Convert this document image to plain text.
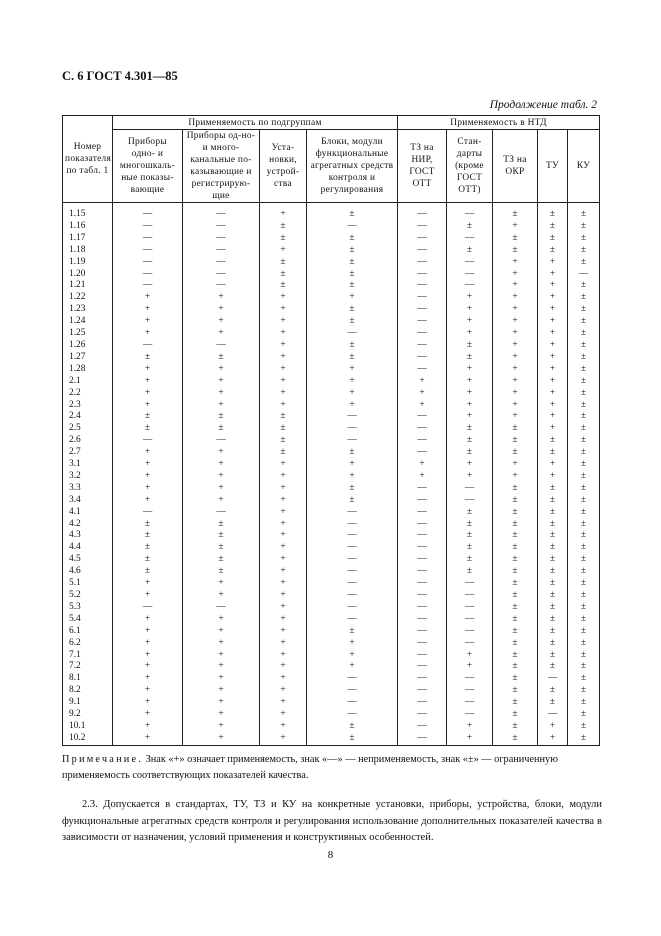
С. 6 ГОСТ 4.301—85
Продолжение табл. 2
Номер показателя по табл. 1	Применяемость по подгруппам				Применяемость в НТД				
	Приборы одно- и многошкаль-ные показы-вающие	Приборы од-но- и много-канальные по-казывающие и регистрирую-щие	Уста-новки, устрой-ства	Блоки, модули функциональные агрегатных средств контроля и регулирования	ТЗ на НИР, ГОСТ ОТТ	Стан-дарты (кроме ГОСТ ОТТ)	ТЗ на ОКР	ТУ	КУ
1.15	—	—	+	±	—	—	±	±	±
1.16	—	—	±	—	—	±	+	±	±
1.17	—	—	±	±	—	—	±	±	±
1.18	—	—	+	±	—	±	±	±	±
1.19	—	—	±	±	—	—	+	+	±
1.20	—	—	±	±	—	—	+	+	—
1.21	—	—	±	±	—	—	+	+	±
1.22	+	+	+	+	—	+	+	+	±
1.23	+	+	+	±	—	+	+	+	±
1.24	+	+	+	±	—	+	+	+	±
1.25	+	+	+	—	—	+	+	+	±
1.26	—	—	+	±	—	±	+	+	±
1.27	±	±	+	±	—	±	+	+	±
1.28	+	+	+	+	—	+	+	+	±
2.1	+	+	+	+	+	+	+	+	±
2.2	+	+	+	+	+	+	+	+	±
2.3	+	+	+	+	+	+	+	+	±
2.4	±	±	±	—	—	+	+	+	±
2.5	±	±	±	—	—	±	±	+	±
2.6	—	—	±	—	—	±	±	±	±
2.7	+	+	±	±	—	±	±	±	±
3.1	+	+	+	+	+	+	+	+	±
3.2	+	+	+	+	+	+	+	+	±
3.3	+	+	+	±	—	—	±	±	±
3.4	+	+	+	±	—	—	±	±	±
4.1	—	—	+	—	—	±	±	±	±
4.2	±	±	+	—	—	±	±	±	±
4.3	±	±	+	—	—	±	±	±	±
4.4	±	±	+	—	—	±	±	±	±
4.5	±	±	+	—	—	±	±	±	±
4.6	±	±	+	—	—	±	±	±	±
5.1	+	+	+	—	—	—	±	±	±
5.2	+	+	+	—	—	—	±	±	±
5.3	—	—	+	—	—	—	±	±	±
5.4	+	+	+	—	—	—	±	±	±
6.1	+	+	+	±	—	—	±	±	±
6.2	+	+	+	+	—	—	±	±	±
7.1	+	+	+	+	—	+	±	±	±
7.2	+	+	+	+	—	+	±	±	±
8.1	+	+	+	—	—	—	±	—	±
8.2	+	+	+	—	—	—	±	±	±
9.1	+	+	+	—	—	—	±	±	±
9.2	+	+	+	—	—	—	±	—	±
10.1	+	+	+	±	—	+	±	+	±
10.2	+	+	+	±	—	+	±	+	±
Примечание. Знак «+» означает применяемость, знак «—» — неприменяемость, знак «±» — ограниченную применяемость соответствующих показателей качества.
2.3. Допускается в стандартах, ТУ, ТЗ и КУ на конкретные установки, приборы, устройства, блоки, модули функциональные агрегатных средств контроля и регулирования использование дополнительных показателей качества в зависимости от назначения, условий применения и конструктивных особенностей.
8
